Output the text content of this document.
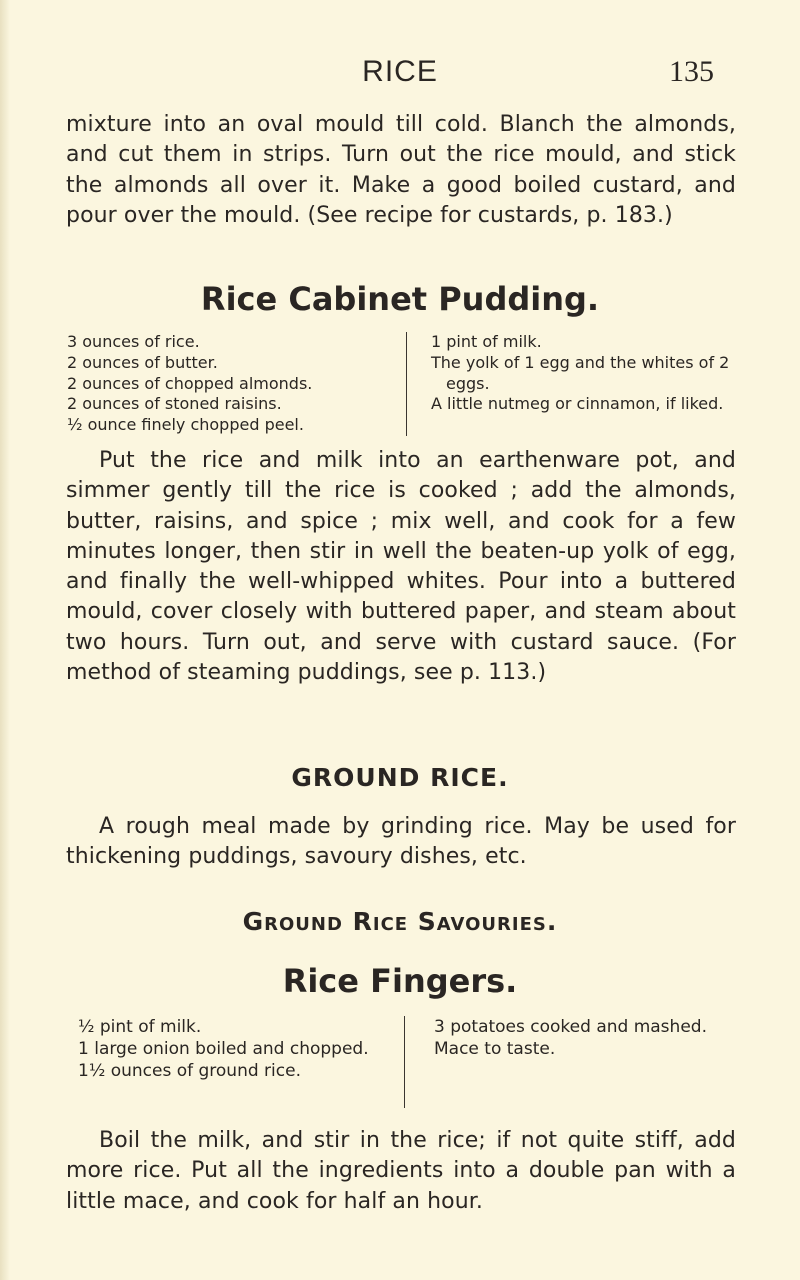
RICE	135

mixture into an oval mould till cold. Blanch the almonds, and cut them in strips. Turn out the rice mould, and stick the almonds all over it. Make a good boiled custard, and pour over the mould. (See recipe for custards, p. 183.)

Rice Cabinet Pudding.
3 ounces of rice.
2 ounces of butter.
2 ounces of chopped almonds.
2 ounces of stoned raisins.
½ ounce finely chopped peel.
1 pint of milk.
The yolk of 1 egg and the whites of 2 eggs.
A little nutmeg or cinnamon, if liked.

Put the rice and milk into an earthenware pot, and simmer gently till the rice is cooked ; add the almonds, butter, raisins, and spice ; mix well, and cook for a few minutes longer, then stir in well the beaten-up yolk of egg, and finally the well-whipped whites. Pour into a buttered mould, cover closely with buttered paper, and steam about two hours. Turn out, and serve with custard sauce. (For method of steaming puddings, see p. 113.)

GROUND RICE.

A rough meal made by grinding rice. May be used for thickening puddings, savoury dishes, etc.

Ground Rice Savouries.
Rice Fingers.
½ pint of milk.
1 large onion boiled and chopped.
1½ ounces of ground rice.
3 potatoes cooked and mashed.
Mace to taste.

Boil the milk, and stir in the rice; if not quite stiff, add more rice. Put all the ingredients into a double pan with a little mace, and cook for half an hour.
